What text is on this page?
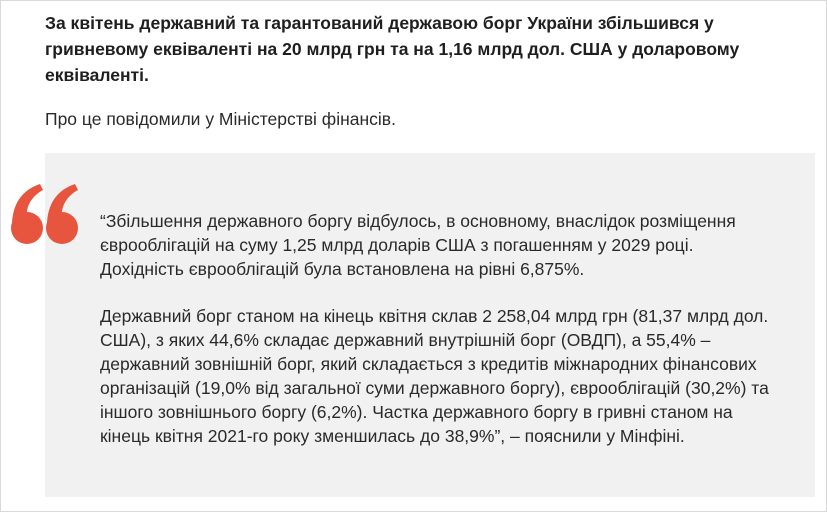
За квітень державний та гарантований державою борг України збільшився у гривневому еквіваленті на 20 млрд грн та на 1,16 млрд дол. США у доларовому еквіваленті.

Про це повідомили у Міністерстві фінансів.

“Збільшення державного боргу відбулось, в основному, внаслідок розміщення єврооблігацій на суму 1,25 млрд доларів США з погашенням у 2029 році. Дохідність єврооблігацій була встановлена на рівні 6,875%.

Державний борг станом на кінець квітня склав 2 258,04 млрд грн (81,37 млрд дол. США), з яких 44,6% складає державний внутрішній борг (ОВДП), а 55,4% – державний зовнішній борг, який складається з кредитів міжнародних фінансових організацій (19,0% від загальної суми державного боргу), єврооблігацій (30,2%) та іншого зовнішнього боргу (6,2%). Частка державного боргу в гривні станом на кінець квітня 2021-го року зменшилась до 38,9%”, – пояснили у Мінфіні.
